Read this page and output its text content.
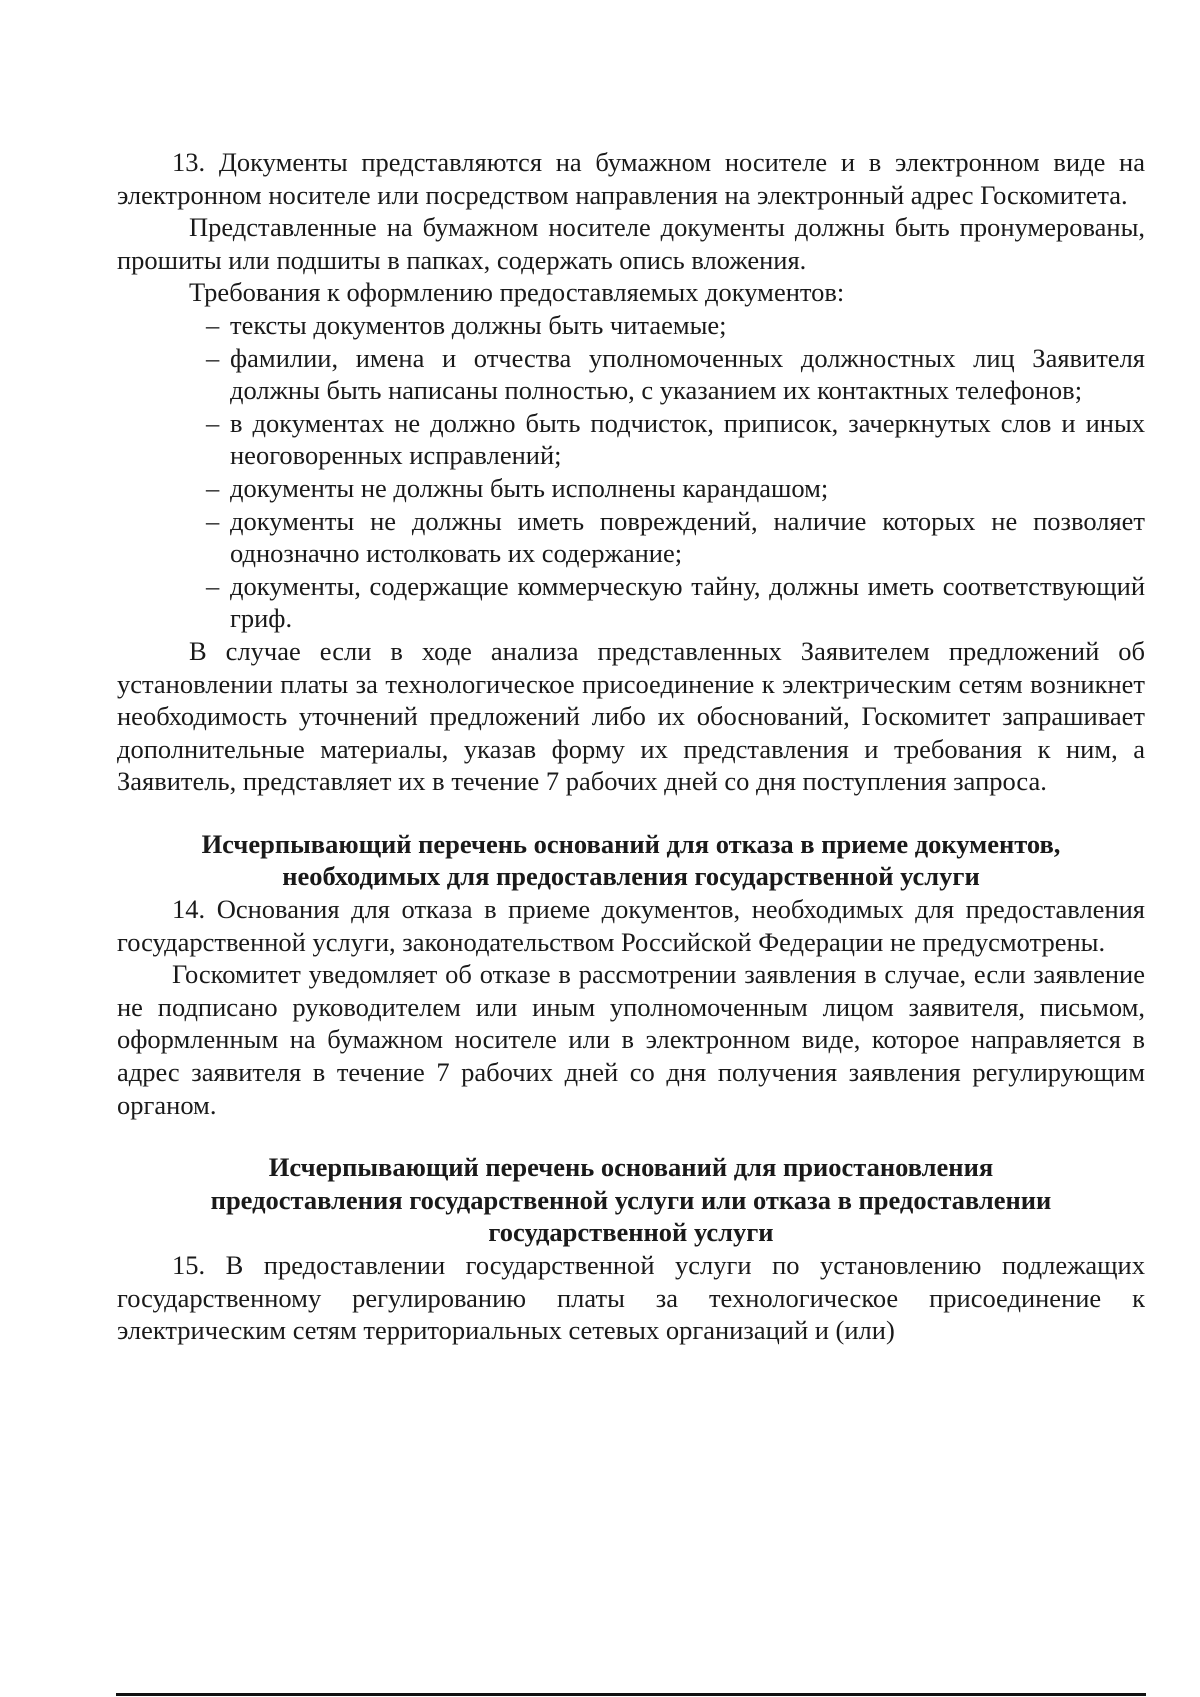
13. Документы представляются на бумажном носителе и в электронном виде на электронном носителе или посредством направления на электронный адрес Госкомитета.

Представленные на бумажном носителе документы должны быть пронумерованы, прошиты или подшиты в папках, содержать опись вложения.

Требования к оформлению предоставляемых документов:

– тексты документов должны быть читаемые;
– фамилии, имена и отчества уполномоченных должностных лиц Заявителя должны быть написаны полностью, с указанием их контактных телефонов;
– в документах не должно быть подчисток, приписок, зачеркнутых слов и иных неоговоренных исправлений;
– документы не должны быть исполнены карандашом;
– документы не должны иметь повреждений, наличие которых не позволяет однозначно истолковать их содержание;
– документы, содержащие коммерческую тайну, должны иметь соответствующий гриф.

В случае если в ходе анализа представленных Заявителем предложений об установлении платы за технологическое присоединение к электрическим сетям возникнет необходимость уточнений предложений либо их обоснований, Госкомитет запрашивает дополнительные материалы, указав форму их представления и требования к ним, а Заявитель, представляет их в течение 7 рабочих дней со дня поступления запроса.

Исчерпывающий перечень оснований для отказа в приеме документов,

необходимых для предоставления государственной услуги

14. Основания для отказа в приеме документов, необходимых для предоставления государственной услуги, законодательством Российской Федерации не предусмотрены.

Госкомитет уведомляет об отказе в рассмотрении заявления в случае, если заявление не подписано руководителем или иным уполномоченным лицом заявителя, письмом, оформленным на бумажном носителе или в электронном виде, которое направляется в адрес заявителя в течение 7 рабочих дней со дня получения заявления регулирующим органом.

Исчерпывающий перечень оснований для приостановления

предоставления государственной услуги или отказа в предоставлении

государственной услуги

15. В предоставлении государственной услуги по установлению подлежащих государственному регулированию платы за технологическое присоединение к электрическим сетям территориальных сетевых организаций и (или)
